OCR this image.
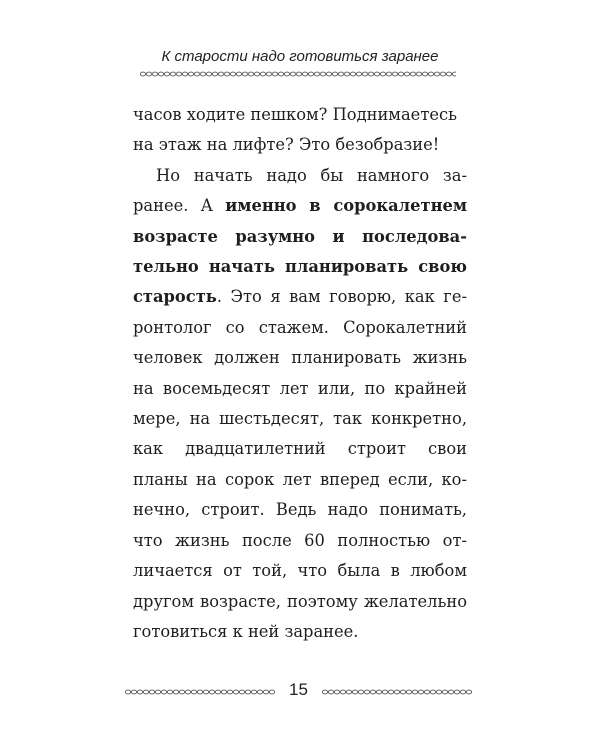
К старости надо готовиться заранее

часов ходите пешком? Поднимаетесь
на этаж на лифте? Это безобразие!

Но начать надо бы намного заранее. А именно в сорокалетнем возрасте разумно и последовательно начать планировать свою старость. Это я вам говорю, как геронтолог со стажем. Сорокалетний человек должен планировать жизнь на восемьдесят лет или, по крайней мере, на шестьдесят, так конкретно, как двадцатилетний строит свои планы на сорок лет вперед если, конечно, строит. Ведь надо понимать, что жизнь после 60 полностью отличается от той, что была в любом другом возрасте, поэтому желательно готовиться к ней заранее.

15
